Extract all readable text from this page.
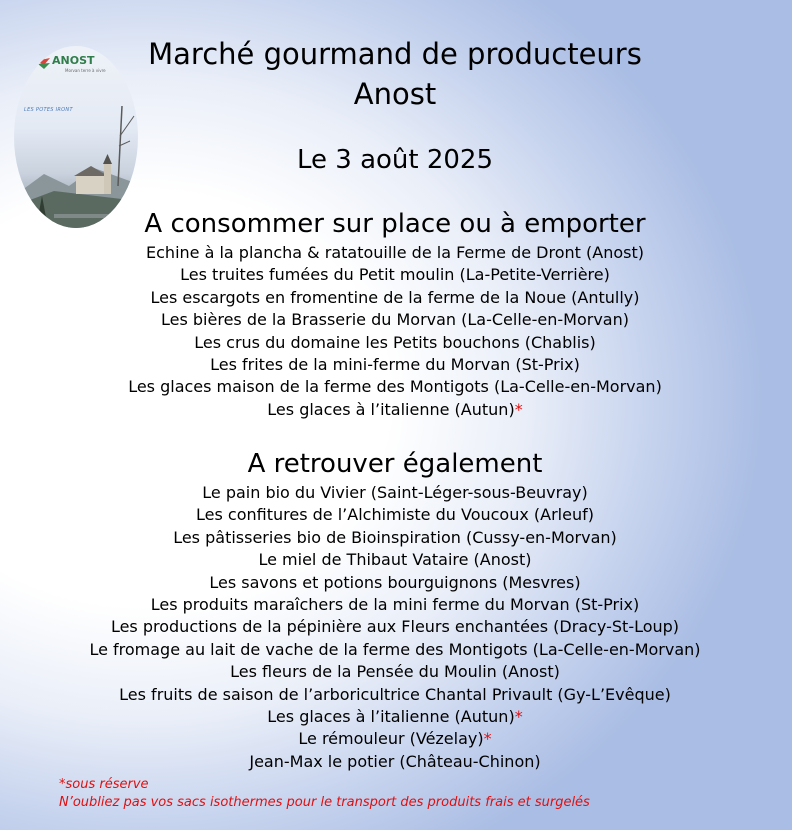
ANOST
Morvan terre à vivre
LES POTES IRONT
Marché gourmand de producteurs
Anost
Le 3 août 2025
A consommer sur place ou à emporter
Echine à la plancha & ratatouille de la Ferme de Dront (Anost)
Les truites fumées du Petit moulin (La-Petite-Verrière)
Les escargots en fromentine de la ferme de la Noue (Antully)
Les bières de la Brasserie du Morvan (La-Celle-en-Morvan)
Les crus du domaine les Petits bouchons (Chablis)
Les frites de la mini-ferme du Morvan (St-Prix)
Les glaces maison de la ferme des Montigots (La-Celle-en-Morvan)
Les glaces à l’italienne (Autun)*
A retrouver également
Le pain bio du Vivier (Saint-Léger-sous-Beuvray)
Les confitures de l’Alchimiste du Voucoux (Arleuf)
Les pâtisseries bio de Bioinspiration (Cussy-en-Morvan)
Le miel de Thibaut Vataire (Anost)
Les savons et potions bourguignons (Mesvres)
Les produits maraîchers de la mini ferme du Morvan (St-Prix)
Les productions de la pépinière aux Fleurs enchantées (Dracy-St-Loup)
Le fromage au lait de vache de la ferme des Montigots (La-Celle-en-Morvan)
Les fleurs de la Pensée du Moulin (Anost)
Les fruits de saison de l’arboricultrice Chantal Privault (Gy-L’Evêque)
Les glaces à l’italienne (Autun)*
Le rémouleur (Vézelay)*
Jean-Max le potier (Château-Chinon)
*sous réserve
N’oubliez pas vos sacs isothermes pour le transport des produits frais et surgelés
